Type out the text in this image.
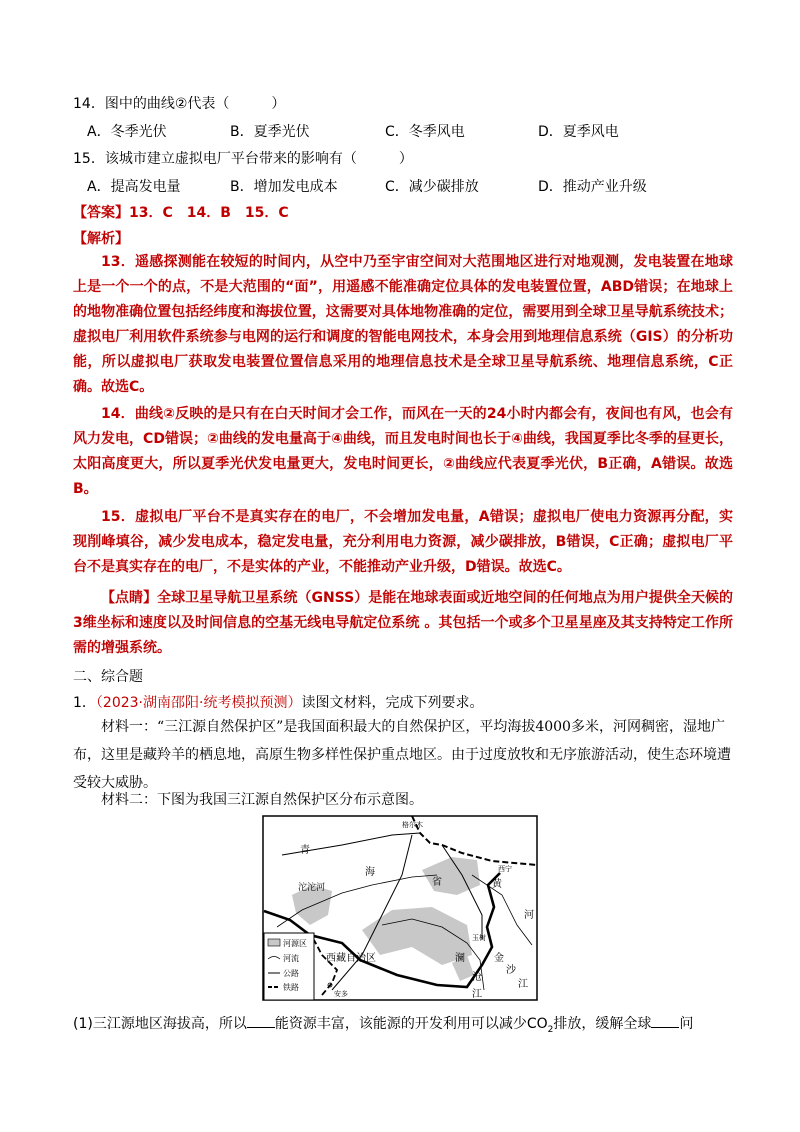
14．图中的曲线②代表（　　　）
A．冬季光伏	B．夏季光伏	C．冬季风电	D．夏季风电
15．该城市建立虚拟电厂平台带来的影响有（　　　）
A．提高发电量	B．增加发电成本	C．减少碳排放	D．推动产业升级
【答案】13．C　14．B　15．C
【解析】
13．遥感探测能在较短的时间内，从空中乃至宇宙空间对大范围地区进行对地观测，发电装置在地球上是一个一个的点，不是大范围的“面”，用遥感不能准确定位具体的发电装置位置，ABD错误；在地球上的地物准确位置包括经纬度和海拔位置，这需要对具体地物准确的定位，需要用到全球卫星导航系统技术；虚拟电厂利用软件系统参与电网的运行和调度的智能电网技术，本身会用到地理信息系统（GIS）的分析功能，所以虚拟电厂获取发电装置位置信息采用的地理信息技术是全球卫星导航系统、地理信息系统，C正确。故选C。
14．曲线②反映的是只有在白天时间才会工作，而风在一天的24小时内都会有，夜间也有风，也会有风力发电，CD错误；②曲线的发电量高于④曲线，而且发电时间也长于④曲线，我国夏季比冬季的昼更长，太阳高度更大，所以夏季光伏发电量更大，发电时间更长，②曲线应代表夏季光伏，B正确，A错误。故选B。
15．虚拟电厂平台不是真实存在的电厂，不会增加发电量，A错误；虚拟电厂使电力资源再分配，实现削峰填谷，减少发电成本，稳定发电量，充分利用电力资源，减少碳排放，B错误，C正确；虚拟电厂平台不是真实存在的电厂，不是实体的产业，不能推动产业升级，D错误。故选C。
【点睛】全球卫星导航卫星系统（GNSS）是能在地球表面或近地空间的任何地点为用户提供全天候的3维坐标和速度以及时间信息的空基无线电导航定位系统 。其包括一个或多个卫星星座及其支持特定工作所需的增强系统。
二、综合题
1．（2023·湖南邵阳·统考模拟预测）读图文材料，完成下列要求。
材料一：“三江源自然保护区”是我国面积最大的自然保护区，平均海拔4000多米，河网稠密，湿地广布，这里是藏羚羊的栖息地，高原生物多样性保护重点地区。由于过度放牧和无序旅游活动，使生态环境遭受较大威胁。
材料二：下图为我国三江源自然保护区分布示意图。
河源区
河流
公路
铁路
格尔木
青
海
省
沱沱河
西宁
黄
河
玉树
澜
沧
江
金
沙
江
西藏自治区
安多
(1)三江源地区海拔高，所以 能资源丰富，该能源的开发利用可以减少$CO_2$排放，缓解全球 问
